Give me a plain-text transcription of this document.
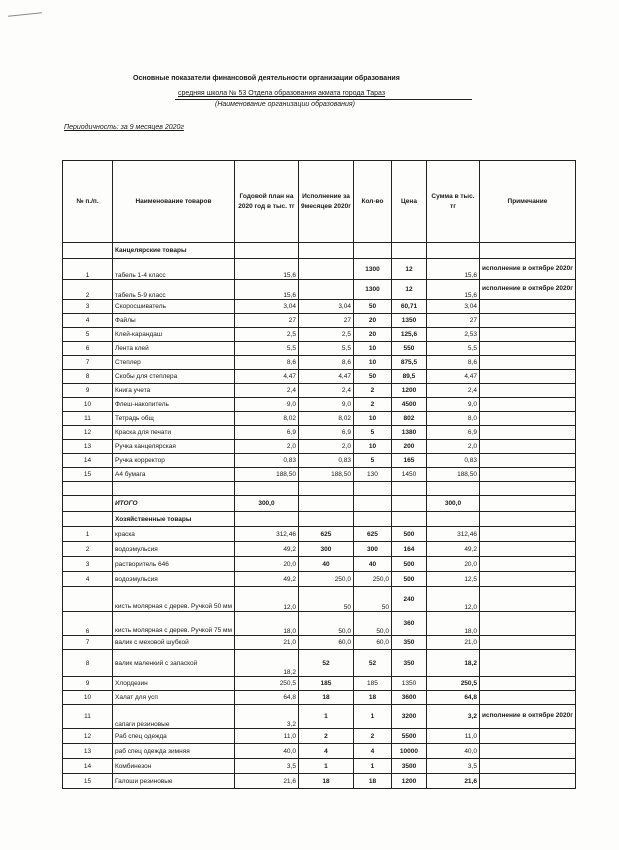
Основные показатели финансовой деятельности организации образования
средняя школа № 53 Отдела образования акмата города Тараз
(Наименование организации образования)
Периодичность: за 9 месяцев 2020г
№ п./п.	Наименование товаров	Годовой план на 2020 год в тыс. тг	Исполнение за 9месяцев 2020г	Кол-во	Цена	Сумма в тыс. тг	Примечание
	Канцелярские товары						
1	табель 1-4 класс	15,6		1300	12	15,6	исполнение в октябре 2020г
2	табель 5-9 класс	15,6		1300	12	15,6	исполнение в октябре 2020г
3	Скоросшиватель	3,04	3,04	50	60,71	3,04	
4	Файлы	27	27	20	1350	27	
5	Клей-карандаш	2,5	2,5	20	125,6	2,53	
6	Лента клей	5,5	5,5	10	550	5,5	
7	Степлер	8,6	8,6	10	875,5	8,6	
8	Скобы для степлера	4,47	4,47	50	89,5	4,47	
9	Книга учета	2,4	2,4	2	1200	2,4	
10	Флеш-накопитель	9,0	9,0	2	4500	9,0	
11	Тетрадь общ	8,02	8,02	10	802	8,0	
12	Краска для печати	6,9	6,9	5	1380	6,9	
13	Ручка канцелярская	2,0	2,0	10	200	2,0	
14	Ручка корректор	0,83	0,83	5	165	0,83	
15	А4 бумага	188,50	188,50	130	1450	188,50	

	ИТОГО	300,0				300,0	
	Хозяйственные товары						
1	краска	312,46	625	625	500	312,46	
2	водоэмульсия	49,2	300	300	164	49,2	
3	растворитель 646	20,0	40	40	500	20,0	
4	водоэмульсия	49,2	250,0	250,0	500	12,5	
	кисть молярная с дерев. Ручкой 50 мм	12,0	50	50	240	12,0	
6	кисть молярная с дерев. Ручкой 75 мм	18,0	50,0	50,0	360	18,0	
7	валик с меховой шубкой	21,0	60,0	60,0	350	21,0	
8	валик маленкий с запаской	18,2	52	52	350	18,2	
9	Хлордезин	250,5	185	185	1350	250,5	
10	Халат для усп	64,8	18	18	3600	64,8	
11	сапаги резиновые	3,2	1	1	3200	3,2	исполнение в октябре 2020г
12	Раб спец одежда	11,0	2	2	5500	11,0	
13	раб спец одежда зимняя	40,0	4	4	10000	40,0	
14	Комбинезон	3,5	1	1	3500	3,5	
15	Галоши резиновые	21,6	18	18	1200	21,6	
